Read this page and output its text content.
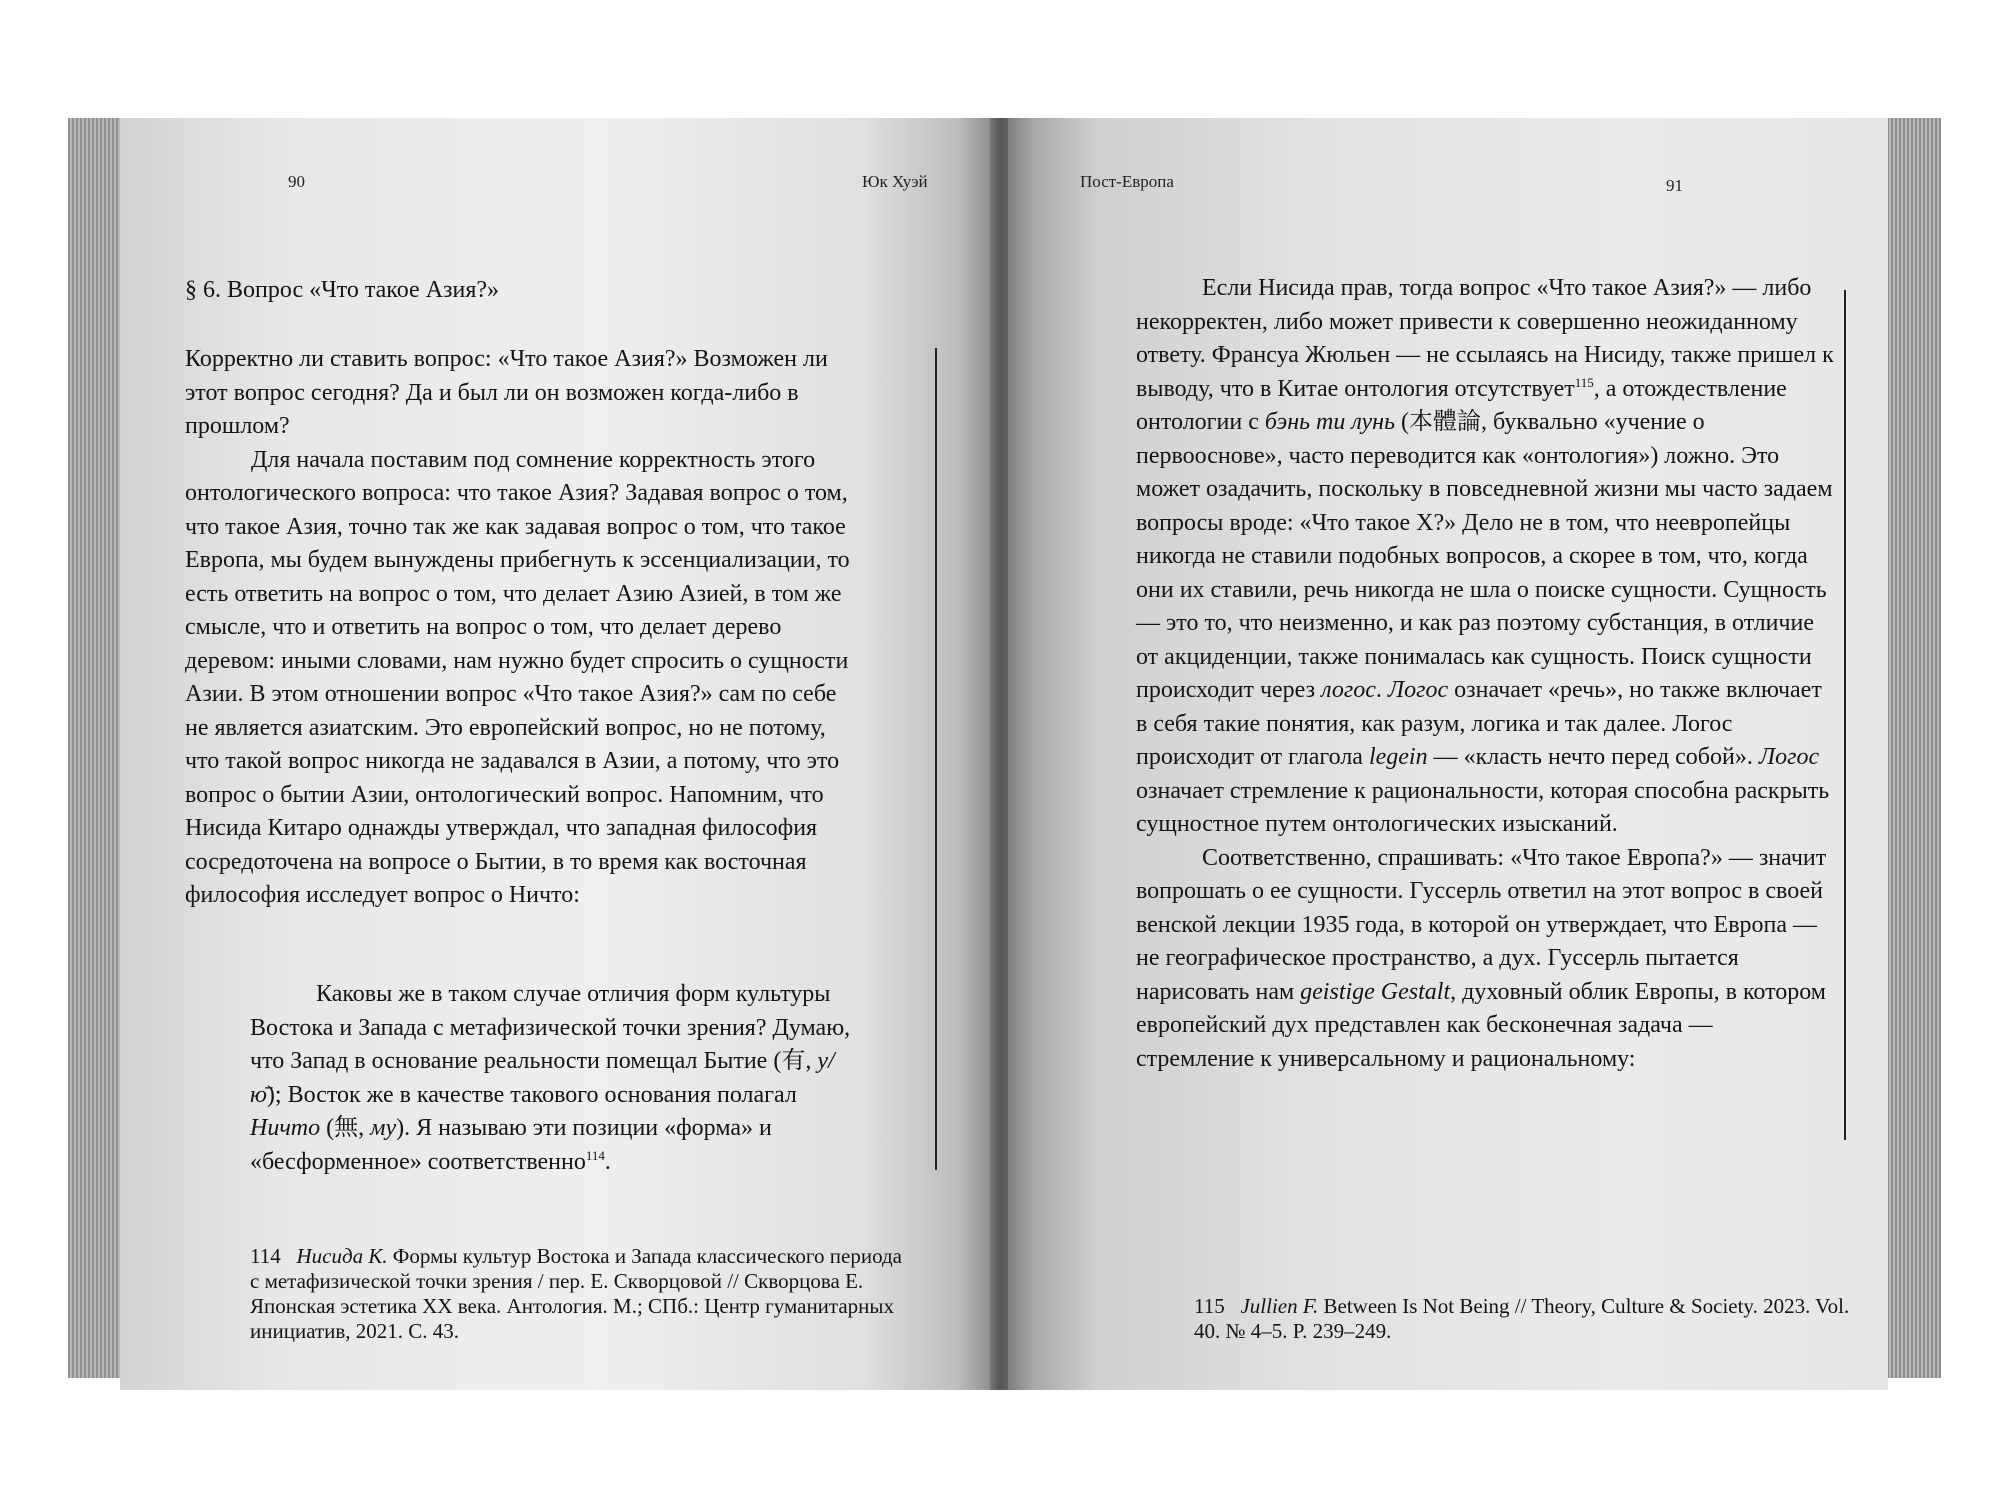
90	Юк Хуэй
§ 6. Вопрос «Что такое Азия?»

Корректно ли ставить вопрос: «Что такое Азия?» Возможен ли этот вопрос сегодня? Да и был ли он возможен когда-либо в прошлом?

Для начала поставим под сомнение корректность этого онтологического вопроса: что такое Азия? Задавая вопрос о том, что такое Азия, точно так же как задавая вопрос о том, что такое Европа, мы будем вынуждены прибегнуть к эссенциализации, то есть ответить на вопрос о том, что делает Азию Азией, в том же смысле, что и ответить на вопрос о том, что делает дерево деревом: иными словами, нам нужно будет спросить о сущности Азии. В этом отношении вопрос «Что такое Азия?» сам по себе не является азиатским. Это европейский вопрос, но не потому, что такой вопрос никогда не задавался в Азии, а потому, что это вопрос о бытии Азии, онтологический вопрос. Напомним, что Нисида Китаро однажды утверждал, что западная философия сосредоточена на вопросе о Бытии, в то время как восточная философия исследует вопрос о Ничто:

Каковы же в таком случае отличия форм культуры Востока и Запада с метафизической точки зрения? Думаю, что Запад в основание реальности помещал Бытие (有, у/ю̄); Восток же в качестве такового основания полагал Ничто (無, му). Я называю эти позиции «форма» и «бесформенное» соответственно$^{114}$.

114 Нисида К. Формы культур Востока и Запада классического периода с метафизической точки зрения / пер. Е. Скворцовой // Скворцова Е. Японская эстетика XX века. Антология. М.; СПб.: Центр гуманитарных инициатив, 2021. С. 43.

Пост-Европа	91

Если Нисида прав, тогда вопрос «Что такое Азия?» — либо некорректен, либо может привести к совершенно неожиданному ответу. Франсуа Жюльен — не ссылаясь на Нисиду, также пришел к выводу, что в Китае онтология отсутствует$^{115}$, а отождествление онтологии с бэнь ти лунь (本體論, буквально «учение о первооснове», часто переводится как «онтология») ложно. Это может озадачить, поскольку в повседневной жизни мы часто задаем вопросы вроде: «Что такое X?» Дело не в том, что неевропейцы никогда не ставили подобных вопросов, а скорее в том, что, когда они их ставили, речь никогда не шла о поиске сущности. Сущность — это то, что неизменно, и как раз поэтому субстанция, в отличие от акциденции, также понималась как сущность. Поиск сущности происходит через логос. Логос означает «речь», но также включает в себя такие понятия, как разум, логика и так далее. Логос происходит от глагола legein — «класть нечто перед собой». Логос означает стремление к рациональности, которая способна раскрыть сущностное путем онтологических изысканий.

Соответственно, спрашивать: «Что такое Европа?» — значит вопрошать о ее сущности. Гуссерль ответил на этот вопрос в своей венской лекции 1935 года, в которой он утверждает, что Европа — не географическое пространство, а дух. Гуссерль пытается нарисовать нам geistige Gestalt, духовный облик Европы, в котором европейский дух представлен как бесконечная задача — стремление к универсальному и рациональному:

115 Jullien F. Between Is Not Being // Theory, Culture & Society. 2023. Vol. 40. № 4–5. P. 239–249.
